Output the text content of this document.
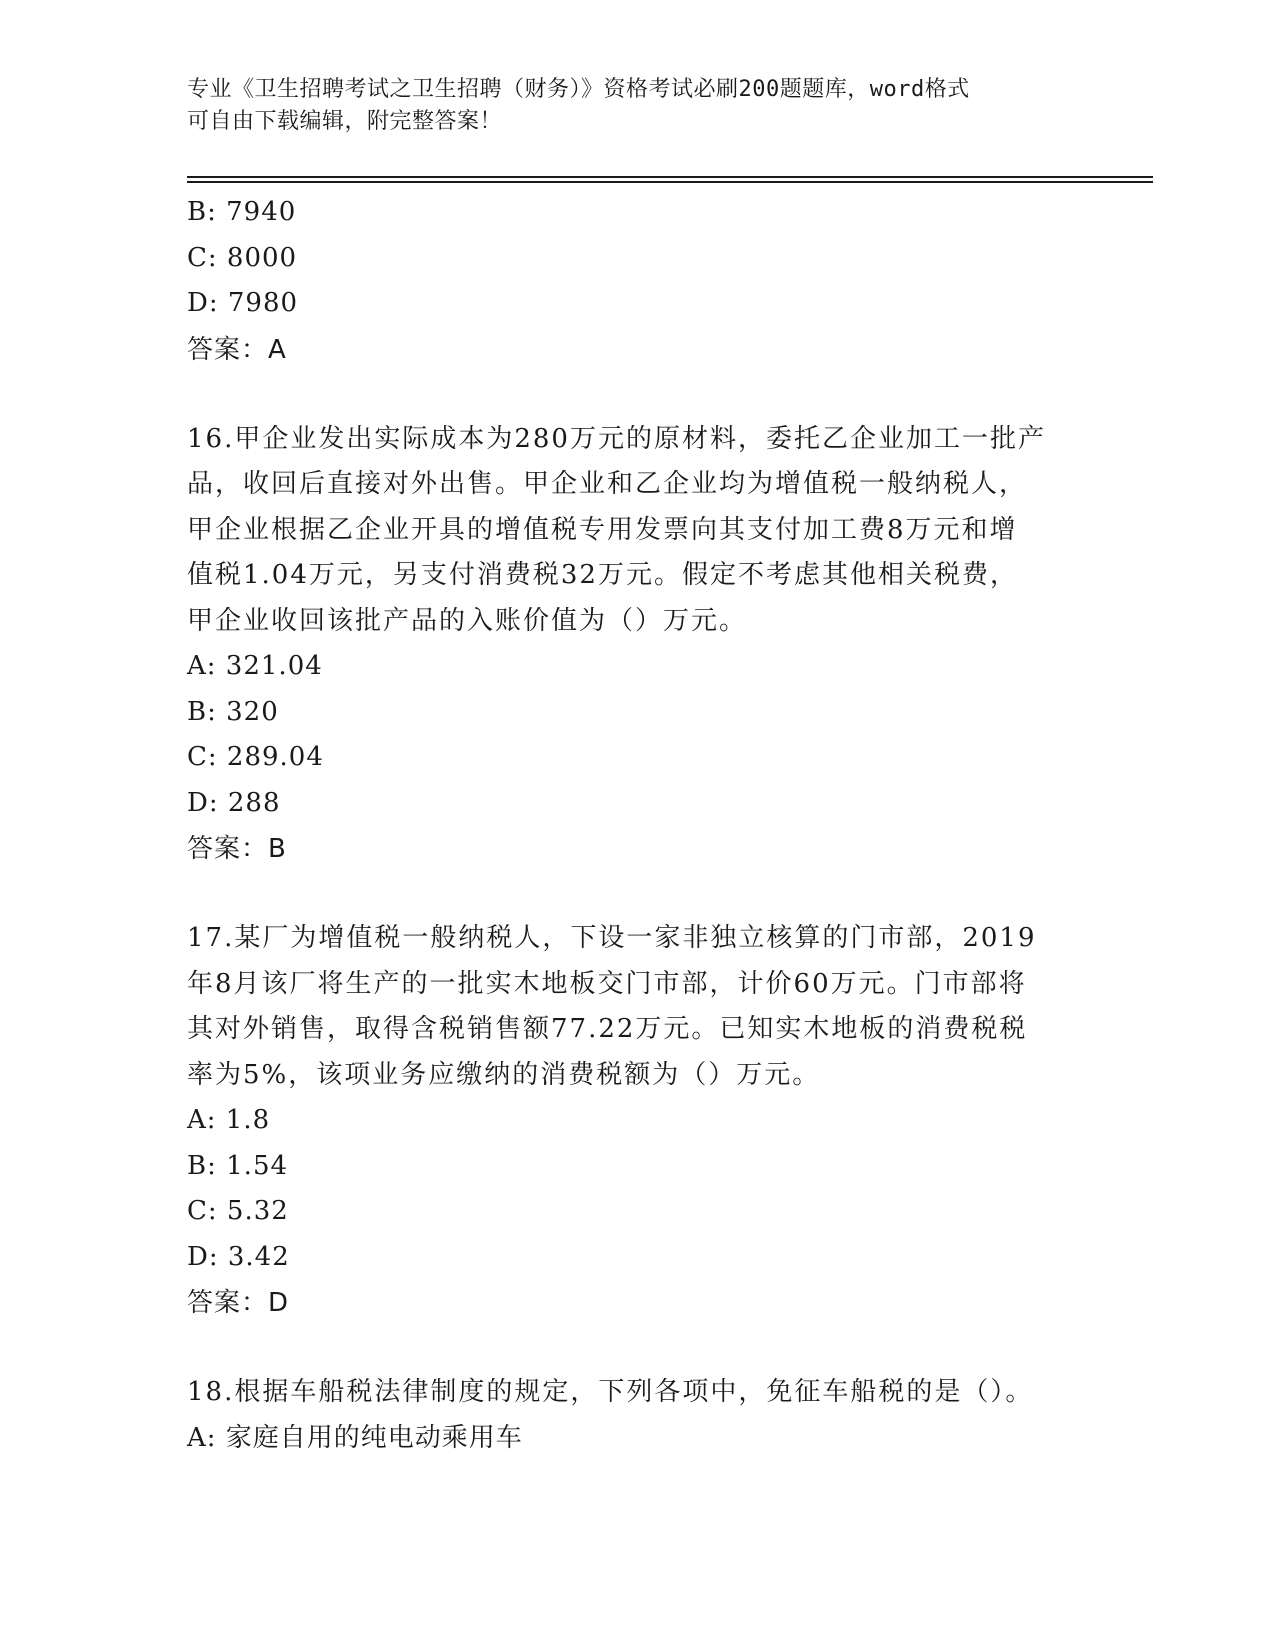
专业《卫生招聘考试之卫生招聘（财务）》资格考试必刷200题题库，word格式
可自由下载编辑，附完整答案！
B: 7940
C: 8000
D: 7980
答案：A
16.甲企业发出实际成本为280万元的原材料，委托乙企业加工一批产
品，收回后直接对外出售。甲企业和乙企业均为增值税一般纳税人，
甲企业根据乙企业开具的增值税专用发票向其支付加工费8万元和增
值税1.04万元，另支付消费税32万元。假定不考虑其他相关税费，
甲企业收回该批产品的入账价值为（）万元。
A: 321.04
B: 320
C: 289.04
D: 288
答案：B
17.某厂为增值税一般纳税人，下设一家非独立核算的门市部，2019
年8月该厂将生产的一批实木地板交门市部，计价60万元。门市部将
其对外销售，取得含税销售额77.22万元。已知实木地板的消费税税
率为5%，该项业务应缴纳的消费税额为（）万元。
A: 1.8
B: 1.54
C: 5.32
D: 3.42
答案：D
18.根据车船税法律制度的规定，下列各项中，免征车船税的是（）。
A: 家庭自用的纯电动乘用车
